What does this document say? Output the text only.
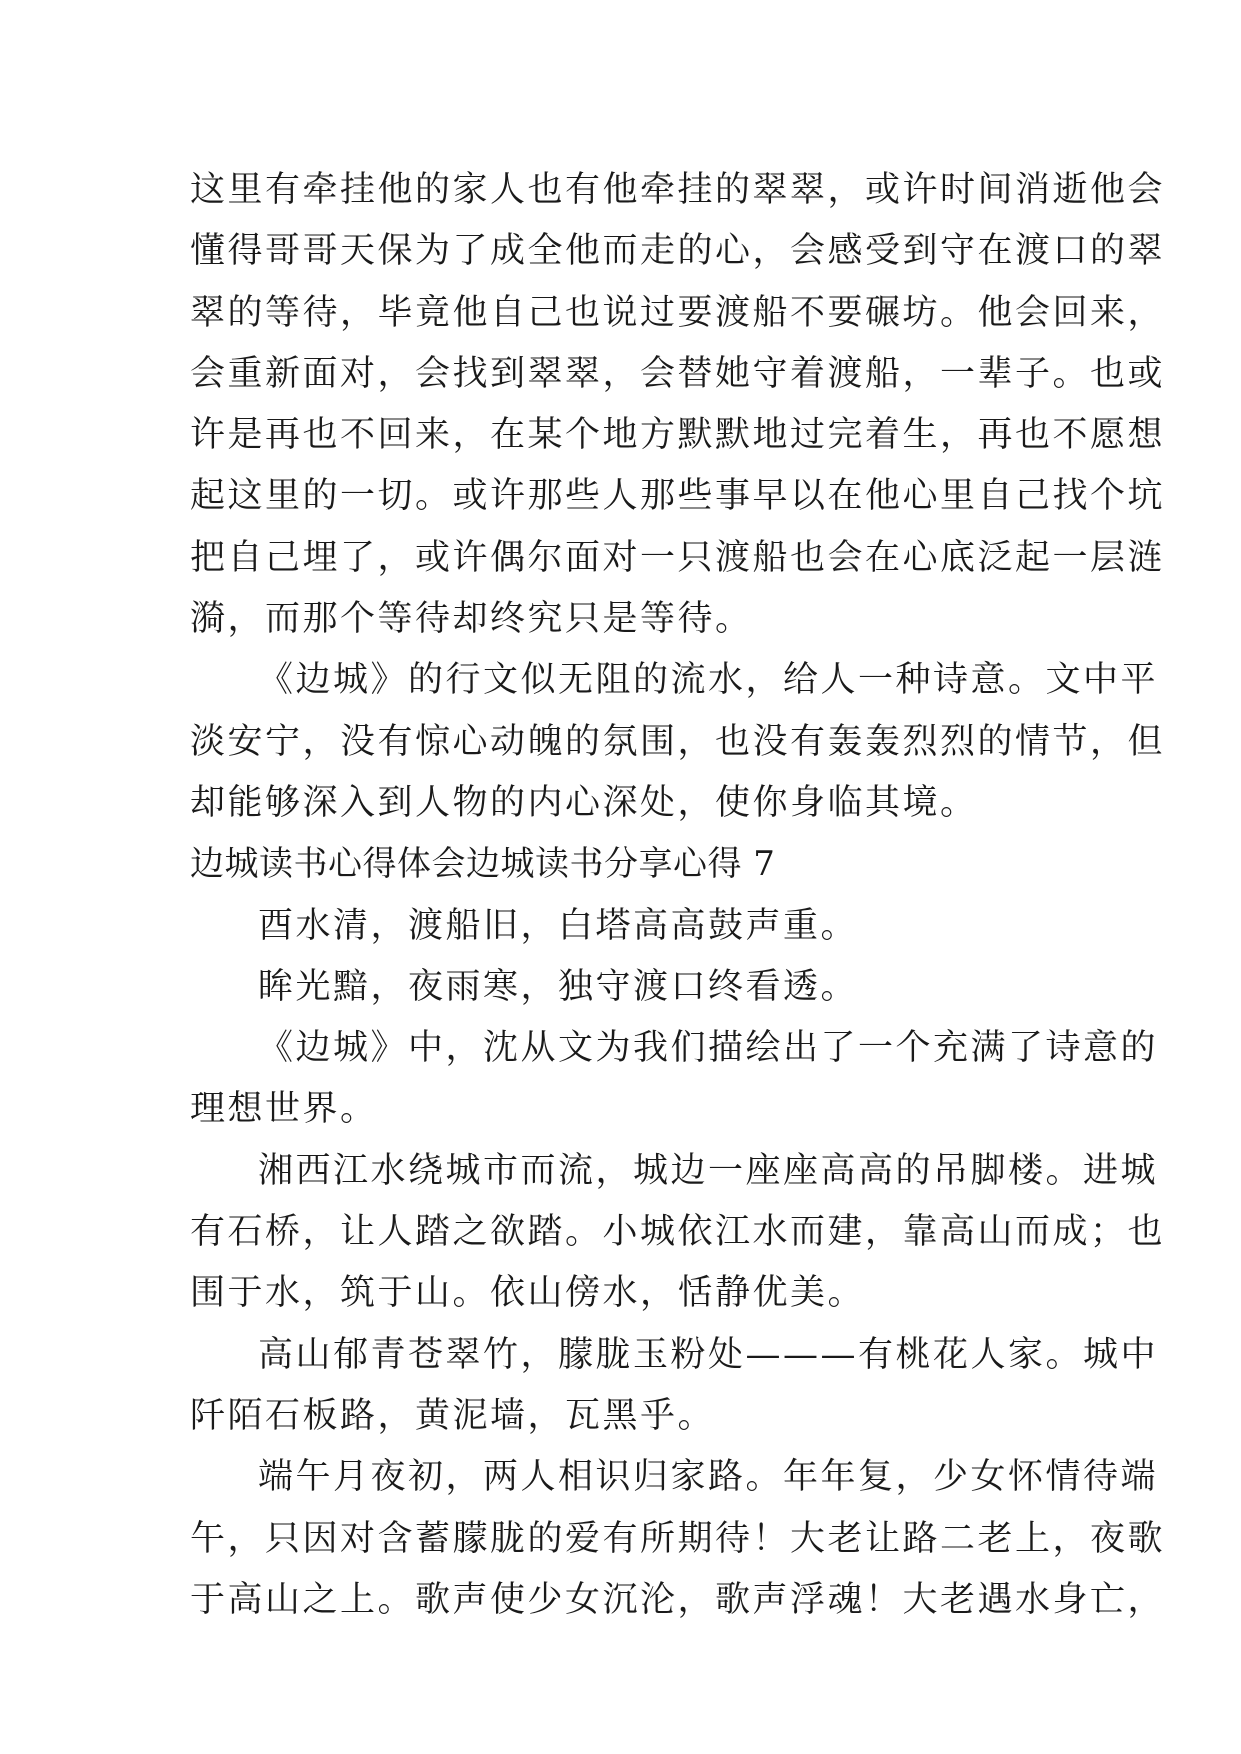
这里有牵挂他的家人也有他牵挂的翠翠，或许时间消逝他会
懂得哥哥天保为了成全他而走的心，会感受到守在渡口的翠
翠的等待，毕竟他自己也说过要渡船不要碾坊。他会回来，
会重新面对，会找到翠翠，会替她守着渡船，一辈子。也或
许是再也不回来，在某个地方默默地过完着生，再也不愿想
起这里的一切。或许那些人那些事早以在他心里自己找个坑
把自己埋了，或许偶尔面对一只渡船也会在心底泛起一层涟
漪，而那个等待却终究只是等待。
《边城》的行文似无阻的流水，给人一种诗意。文中平
淡安宁，没有惊心动魄的氛围，也没有轰轰烈烈的情节，但
却能够深入到人物的内心深处，使你身临其境。
边城读书心得体会边城读书分享心得 7
酉水清，渡船旧，白塔高高鼓声重。
眸光黯，夜雨寒，独守渡口终看透。
《边城》中，沈从文为我们描绘出了一个充满了诗意的
理想世界。
湘西江水绕城市而流，城边一座座高高的吊脚楼。进城
有石桥，让人踏之欲踏。小城依江水而建，靠高山而成；也
围于水，筑于山。依山傍水，恬静优美。
高山郁青苍翠竹，朦胧玉粉处———有桃花人家。城中
阡陌石板路，黄泥墙，瓦黑乎。
端午月夜初，两人相识归家路。年年复，少女怀情待端
午，只因对含蓄朦胧的爱有所期待！大老让路二老上，夜歌
于高山之上。歌声使少女沉沦，歌声浮魂！大老遇水身亡，
